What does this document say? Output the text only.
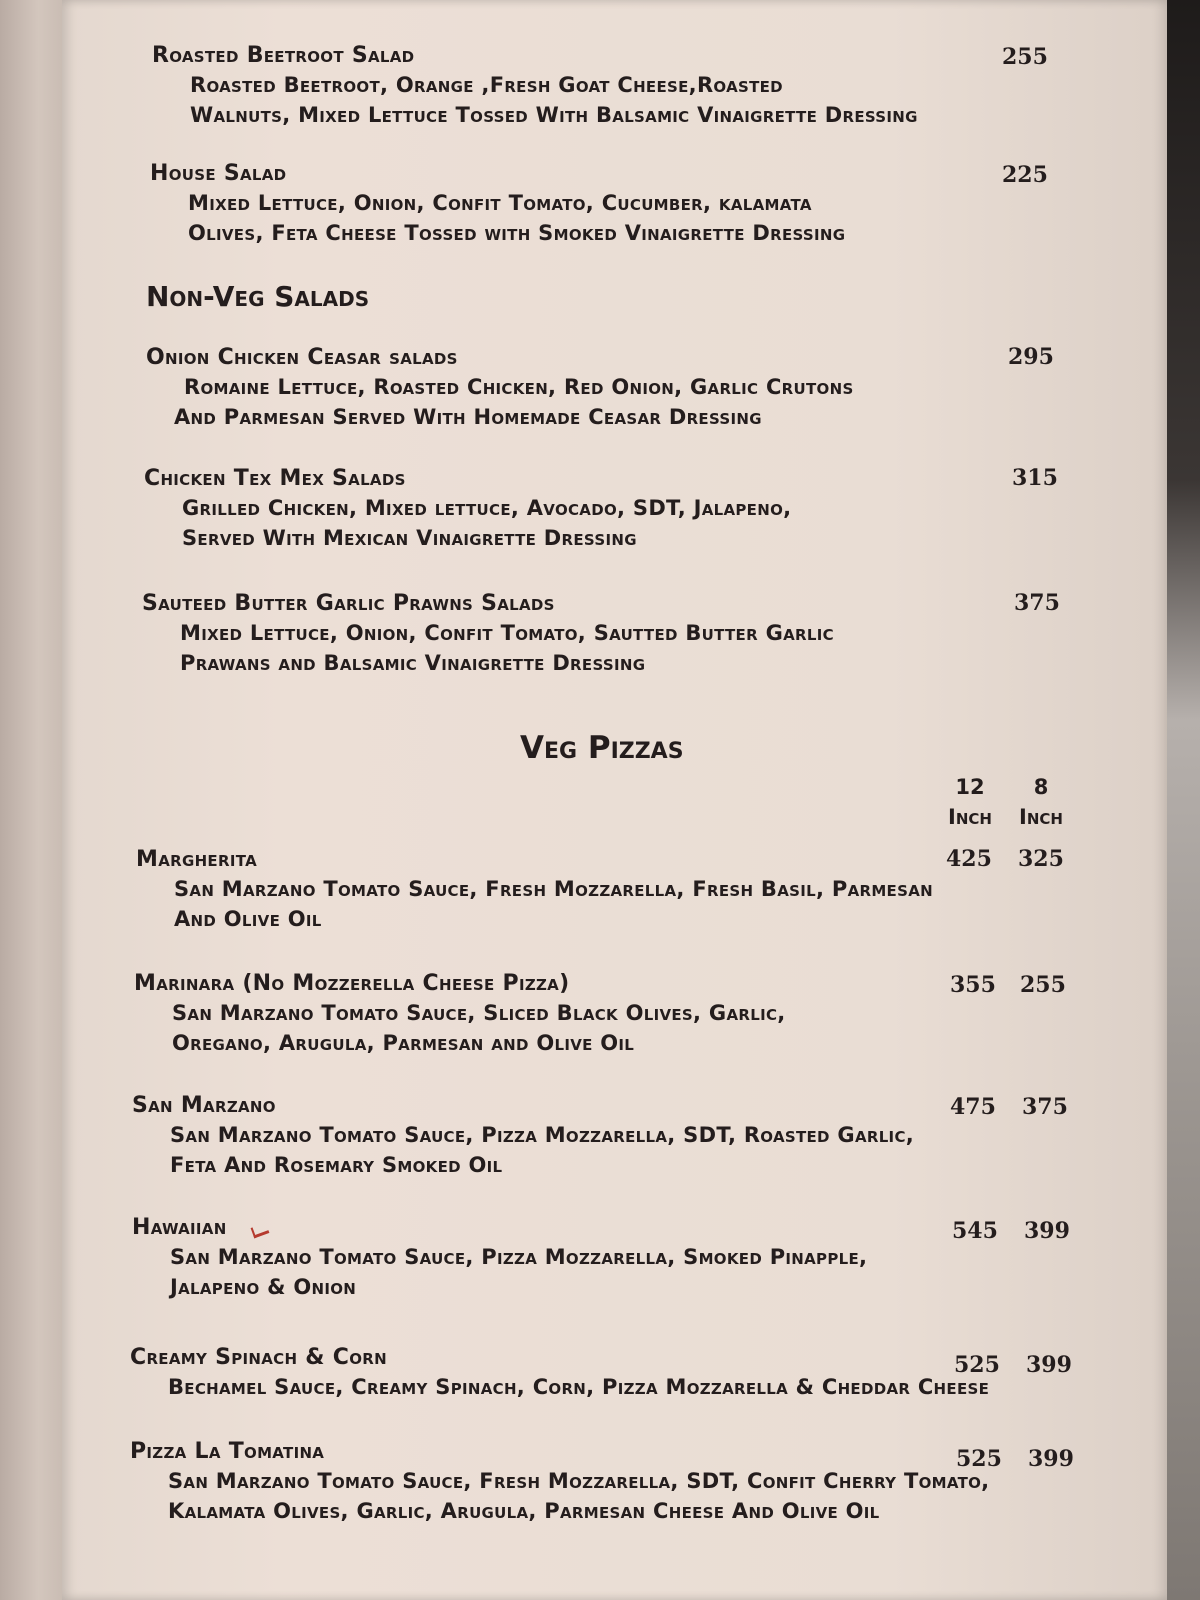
Roasted Beetroot Salad
Roasted Beetroot, Orange ,Fresh Goat Cheese,Roasted
Walnuts, Mixed Lettuce Tossed With Balsamic Vinaigrette Dressing
255
House Salad
Mixed Lettuce, Onion, Confit Tomato, Cucumber, kalamata
Olives, Feta Cheese Tossed with Smoked Vinaigrette Dressing
225
Non-Veg Salads
Onion Chicken Ceasar salads
Romaine Lettuce, Roasted Chicken, Red Onion, Garlic Crutons
And Parmesan Served With Homemade Ceasar Dressing
295
Chicken Tex Mex Salads
Grilled Chicken, Mixed lettuce, Avocado, SDT, Jalapeno,
Served With Mexican Vinaigrette Dressing
315
Sauteed Butter Garlic Prawns Salads
Mixed Lettuce, Onion, Confit Tomato, Sautted Butter Garlic
Prawans and Balsamic Vinaigrette Dressing
375
Veg Pizzas
12
Inch
8
Inch
Margherita
San Marzano Tomato Sauce, Fresh Mozzarella, Fresh Basil, Parmesan
And Olive Oil
425 325
Marinara (No Mozzerella Cheese Pizza)
San Marzano Tomato Sauce, Sliced Black Olives, Garlic,
Oregano, Arugula, Parmesan and Olive Oil
355 255
San Marzano
San Marzano Tomato Sauce, Pizza Mozzarella, SDT, Roasted Garlic,
Feta And Rosemary Smoked Oil
475 375
Hawaiian
San Marzano Tomato Sauce, Pizza Mozzarella, Smoked Pinapple,
Jalapeno & Onion
545 399
Creamy Spinach & Corn
Bechamel Sauce, Creamy Spinach, Corn, Pizza Mozzarella & Cheddar Cheese
525 399
Pizza La Tomatina
San Marzano Tomato Sauce, Fresh Mozzarella, SDT, Confit Cherry Tomato,
Kalamata Olives, Garlic, Arugula, Parmesan Cheese And Olive Oil
525 399
